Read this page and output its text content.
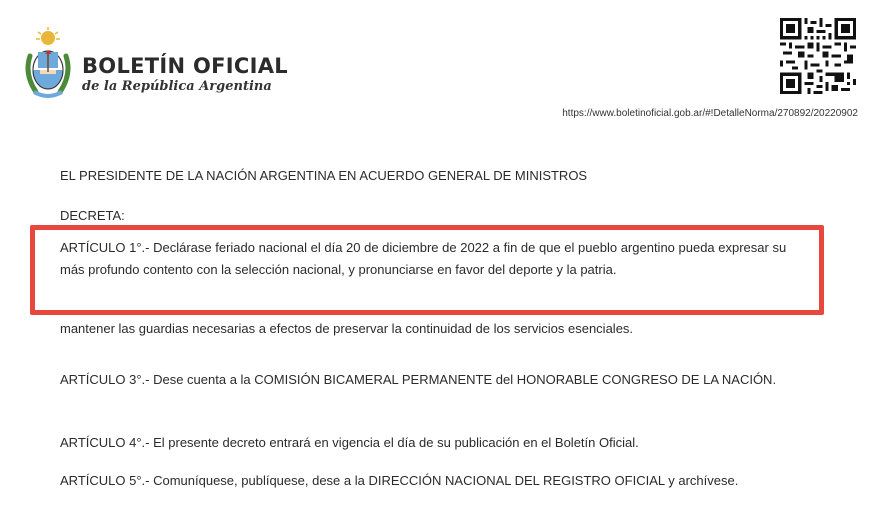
BOLETÍN OFICIAL
de la República Argentina
https://www.boletinoficial.gob.ar/#!DetalleNorma/270892/20220902
EL PRESIDENTE DE LA NACIÓN ARGENTINA EN ACUERDO GENERAL DE MINISTROS
DECRETA:
mantener las guardias necesarias a efectos de preservar la continuidad de los servicios esenciales.
ARTÍCULO 1°.- Declárase feriado nacional el día 20 de diciembre de 2022 a fin de que el pueblo argentino pueda expresar su más profundo contento con la selección nacional, y pronunciarse en favor del deporte y la patria.
ARTÍCULO 3°.- Dese cuenta a la COMISIÓN BICAMERAL PERMANENTE del HONORABLE CONGRESO DE LA NACIÓN.
ARTÍCULO 4°.- El presente decreto entrará en vigencia el día de su publicación en el Boletín Oficial.
ARTÍCULO 5°.- Comuníquese, publíquese, dese a la DIRECCIÓN NACIONAL DEL REGISTRO OFICIAL y archívese.
